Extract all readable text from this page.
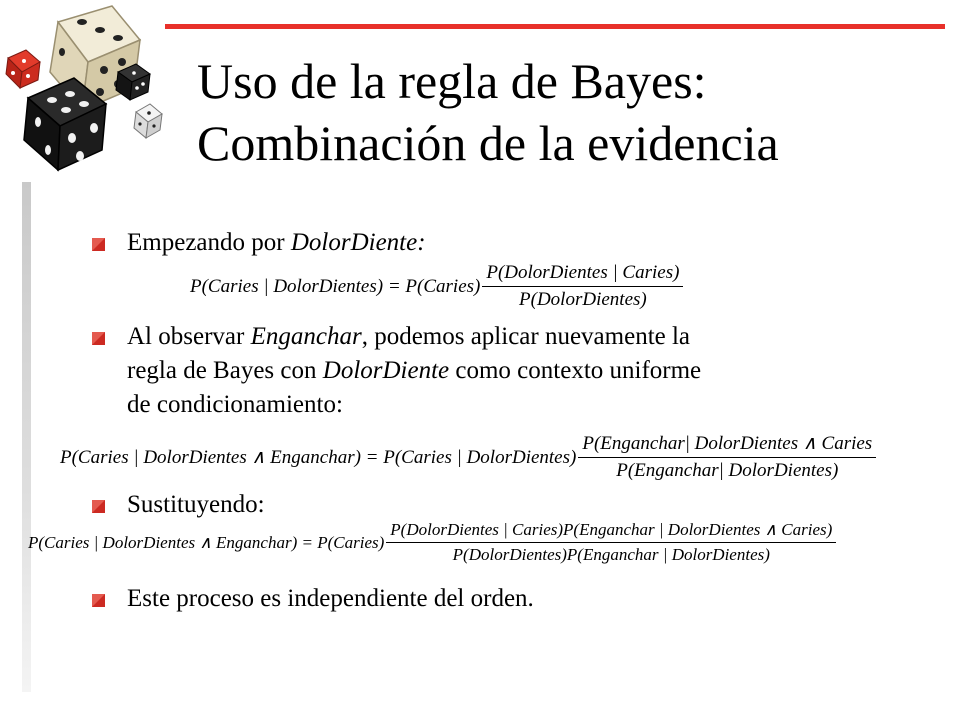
Uso de la regla de Bayes:
Combinación de la evidencia
Empezando por DolorDiente:
P(Caries | DolorDientes) = P(Caries) $\frac{\text{P(DolorDientes | Caries)}}{\text{P(DolorDientes)}}$
Al observar Enganchar, podemos aplicar nuevamente la
regla de Bayes con DolorDiente como contexto uniforme
de condicionamiento:
P(Caries | DolorDientes ∧ Enganchar) = P(Caries | DolorDientes) $\frac{\text{P(Enganchar| DolorDientes ∧ Caries}}{\text{P(Enganchar| DolorDientes)}}$
Sustituyendo:
P(Caries | DolorDientes ∧ Enganchar) = P(Caries) $\frac{\text{P(DolorDientes | Caries)P(Enganchar | DolorDientes ∧ Caries)}}{\text{P(DolorDientes)P(Enganchar | DolorDientes)}}$
Este proceso es independiente del orden.
